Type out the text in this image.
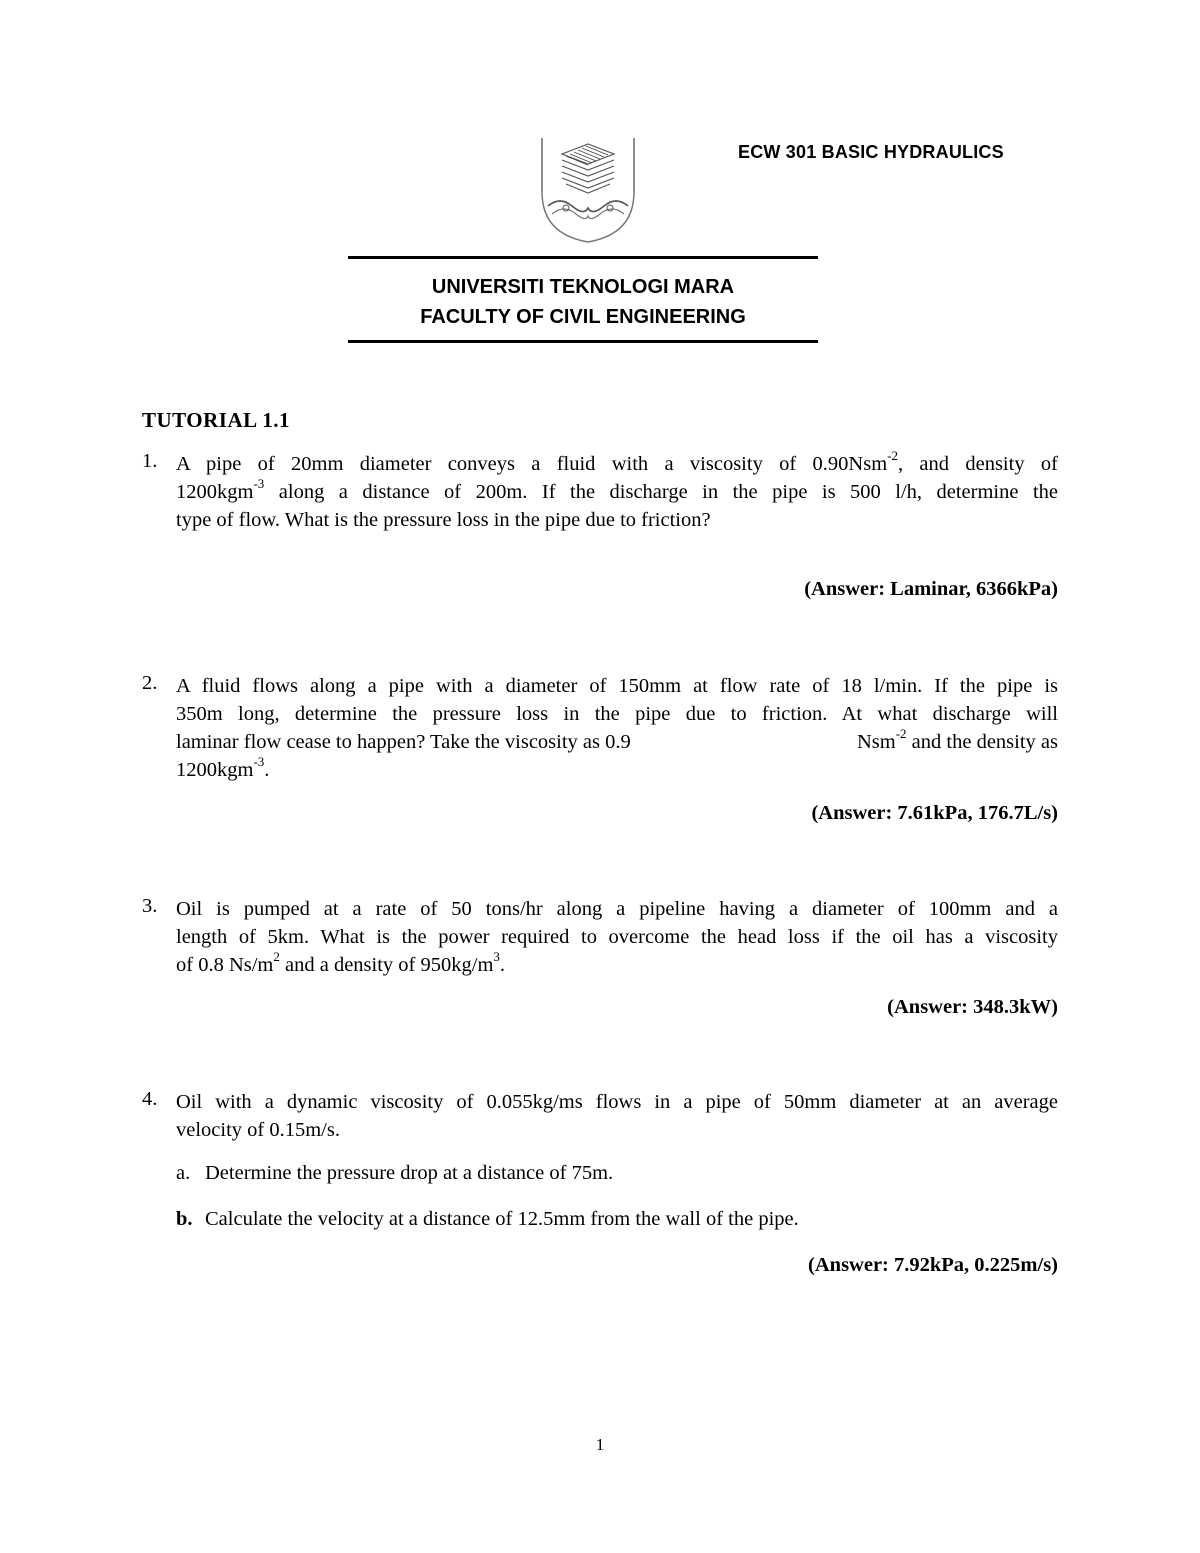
ECW 301 BASIC HYDRAULICS
UNIVERSITI TEKNOLOGI MARA
FACULTY OF CIVIL ENGINEERING
TUTORIAL 1.1
1. A pipe of 20mm diameter conveys a fluid with a viscosity of 0.90Nsm$^{-2}$, and density of
1200kgm$^{-3}$ along a distance of 200m. If the discharge in the pipe is 500 l/h, determine the
type of flow. What is the pressure loss in the pipe due to friction?
(Answer: Laminar, 6366kPa)
2. A fluid flows along a pipe with a diameter of 150mm at flow rate of 18 l/min. If the pipe is
350m long, determine the pressure loss in the pipe due to friction. At what discharge will
laminar flow cease to happen? Take the viscosity as 0.9	Nsm$^{-2}$ and the density as
1200kgm$^{-3}$.
(Answer: 7.61kPa, 176.7L/s)
3. Oil is pumped at a rate of 50 tons/hr along a pipeline having a diameter of 100mm and a
length of 5km. What is the power required to overcome the head loss if the oil has a viscosity
of 0.8 $Ns/m^2$ and a density of $950kg/m^3$.
(Answer: 348.3kW)
4. Oil with a dynamic viscosity of 0.055kg/ms flows in a pipe of 50mm diameter at an average
velocity of 0.15m/s.
a. Determine the pressure drop at a distance of 75m.
b. Calculate the velocity at a distance of 12.5mm from the wall of the pipe.
(Answer: 7.92kPa, 0.225m/s)
1
